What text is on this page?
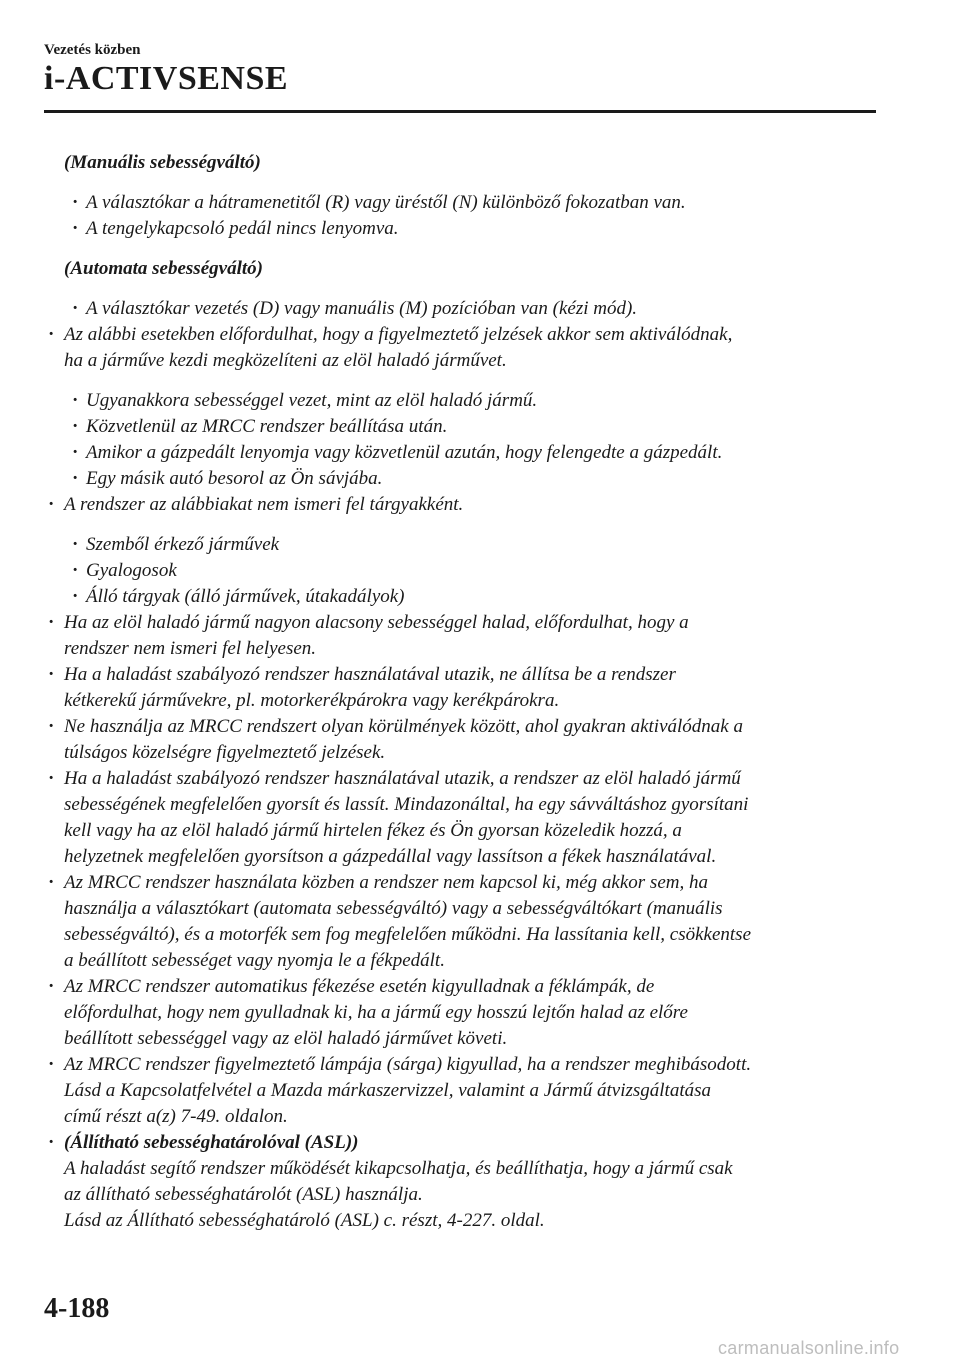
Vezetés közben
i-ACTIVSENSE
(Manuális sebességváltó)
· A választókar a hátramenetitől (R) vagy üréstől (N) különböző fokozatban van.
· A tengelykapcsoló pedál nincs lenyomva.
(Automata sebességváltó)
· A választókar vezetés (D) vagy manuális (M) pozícióban van (kézi mód).
· Az alábbi esetekben előfordulhat, hogy a figyelmeztető jelzések akkor sem aktiválódnak,
ha a járműve kezdi megközelíteni az elöl haladó járművet.
· Ugyanakkora sebességgel vezet, mint az elöl haladó jármű.
· Közvetlenül az MRCC rendszer beállítása után.
· Amikor a gázpedált lenyomja vagy közvetlenül azután, hogy felengedte a gázpedált.
· Egy másik autó besorol az Ön sávjába.
· A rendszer az alábbiakat nem ismeri fel tárgyakként.
· Szemből érkező járművek
· Gyalogosok
· Álló tárgyak (álló járművek, útakadályok)
· Ha az elöl haladó jármű nagyon alacsony sebességgel halad, előfordulhat, hogy a
rendszer nem ismeri fel helyesen.
· Ha a haladást szabályozó rendszer használatával utazik, ne állítsa be a rendszer
kétkerekű járművekre, pl. motorkerékpárokra vagy kerékpárokra.
· Ne használja az MRCC rendszert olyan körülmények között, ahol gyakran aktiválódnak a
túlságos közelségre figyelmeztető jelzések.
· Ha a haladást szabályozó rendszer használatával utazik, a rendszer az elöl haladó jármű
sebességének megfelelően gyorsít és lassít. Mindazonáltal, ha egy sávváltáshoz gyorsítani
kell vagy ha az elöl haladó jármű hirtelen fékez és Ön gyorsan közeledik hozzá, a
helyzetnek megfelelően gyorsítson a gázpedállal vagy lassítson a fékek használatával.
· Az MRCC rendszer használata közben a rendszer nem kapcsol ki, még akkor sem, ha
használja a választókart (automata sebességváltó) vagy a sebességváltókart (manuális
sebességváltó), és a motorfék sem fog megfelelően működni. Ha lassítania kell, csökkentse
a beállított sebességet vagy nyomja le a fékpedált.
· Az MRCC rendszer automatikus fékezése esetén kigyulladnak a féklámpák, de
előfordulhat, hogy nem gyulladnak ki, ha a jármű egy hosszú lejtőn halad az előre
beállított sebességgel vagy az elöl haladó járművet követi.
· Az MRCC rendszer figyelmeztető lámpája (sárga) kigyullad, ha a rendszer meghibásodott.
Lásd a Kapcsolatfelvétel a Mazda márkaszervizzel, valamint a Jármű átvizsgáltatása
című részt a(z) 7-49. oldalon.
· (Állítható sebességhatárolóval (ASL))
A haladást segítő rendszer működését kikapcsolhatja, és beállíthatja, hogy a jármű csak
az állítható sebességhatárolót (ASL) használja.
Lásd az Állítható sebességhatároló (ASL) c. részt, 4-227. oldal.
4-188
carmanualsonline.info
